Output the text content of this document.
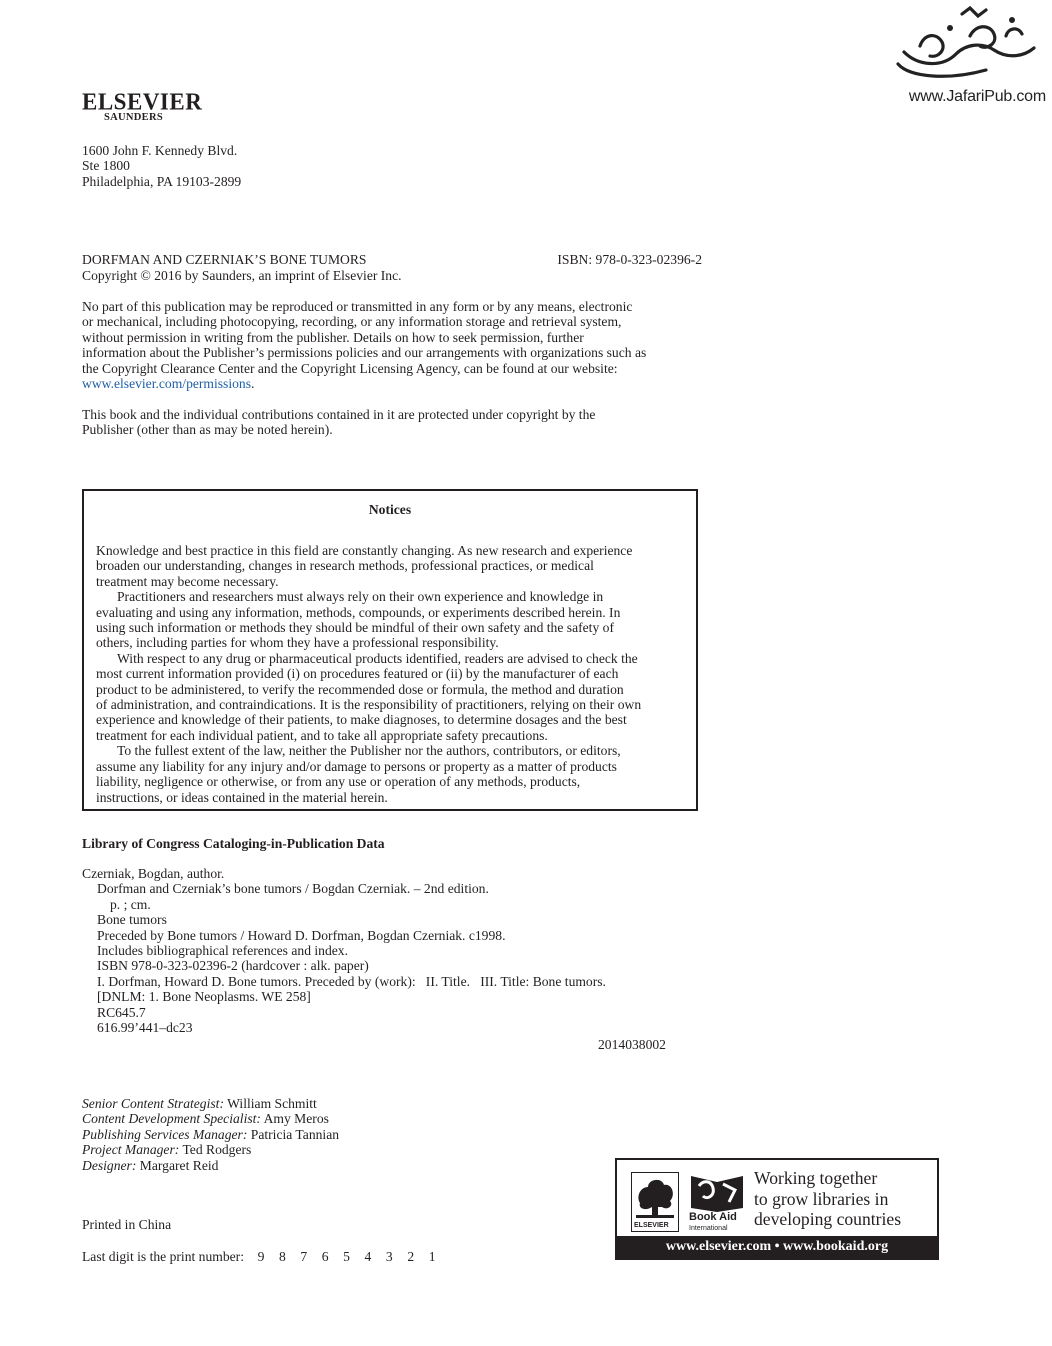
www.JafariPub.com
ELSEVIER
SAUNDERS
1600 John F. Kennedy Blvd.
Ste 1800
Philadelphia, PA 19103-2899
DORFMAN AND CZERNIAK’S BONE TUMORS	ISBN: 978-0-323-02396-2
Copyright © 2016 by Saunders, an imprint of Elsevier Inc.
No part of this publication may be reproduced or transmitted in any form or by any means, electronic
or mechanical, including photocopying, recording, or any information storage and retrieval system,
without permission in writing from the publisher. Details on how to seek permission, further
information about the Publisher’s permissions policies and our arrangements with organizations such as
the Copyright Clearance Center and the Copyright Licensing Agency, can be found at our website:
www.elsevier.com/permissions.
This book and the individual contributions contained in it are protected under copyright by the
Publisher (other than as may be noted herein).
Notices
Knowledge and best practice in this field are constantly changing. As new research and experience
broaden our understanding, changes in research methods, professional practices, or medical
treatment may become necessary.
Practitioners and researchers must always rely on their own experience and knowledge in
evaluating and using any information, methods, compounds, or experiments described herein. In
using such information or methods they should be mindful of their own safety and the safety of
others, including parties for whom they have a professional responsibility.
With respect to any drug or pharmaceutical products identified, readers are advised to check the
most current information provided (i) on procedures featured or (ii) by the manufacturer of each
product to be administered, to verify the recommended dose or formula, the method and duration
of administration, and contraindications. It is the responsibility of practitioners, relying on their own
experience and knowledge of their patients, to make diagnoses, to determine dosages and the best
treatment for each individual patient, and to take all appropriate safety precautions.
To the fullest extent of the law, neither the Publisher nor the authors, contributors, or editors,
assume any liability for any injury and/or damage to persons or property as a matter of products
liability, negligence or otherwise, or from any use or operation of any methods, products,
instructions, or ideas contained in the material herein.
Library of Congress Cataloging-in-Publication Data
Czerniak, Bogdan, author.
Dorfman and Czerniak’s bone tumors / Bogdan Czerniak. – 2nd edition.
p. ; cm.
Bone tumors
Preceded by Bone tumors / Howard D. Dorfman, Bogdan Czerniak. c1998.
Includes bibliographical references and index.
ISBN 978-0-323-02396-2 (hardcover : alk. paper)
I. Dorfman, Howard D. Bone tumors. Preceded by (work):   II. Title.   III. Title: Bone tumors.
[DNLM: 1. Bone Neoplasms. WE 258]
RC645.7
616.99’441–dc23
2014038002
Senior Content Strategist: William Schmitt
Content Development Specialist: Amy Meros
Publishing Services Manager: Patricia Tannian
Project Manager: Ted Rodgers
Designer: Margaret Reid
Printed in China
Last digit is the print number: 9 8 7 6 5 4 3 2 1
ELSEVIER
Book Aid
International
Working together
to grow libraries in
developing countries
www.elsevier.com • www.bookaid.org
